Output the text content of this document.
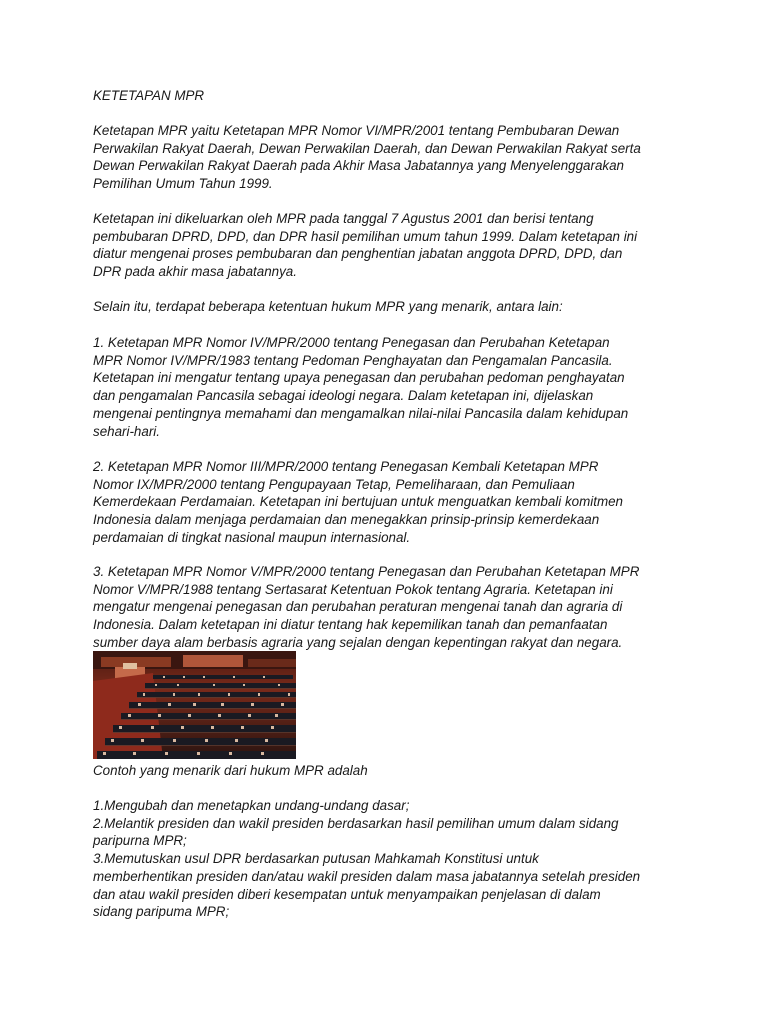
KETETAPAN MPR
Ketetapan MPR yaitu Ketetapan MPR Nomor VI/MPR/2001 tentang Pembubaran Dewan
Perwakilan Rakyat Daerah, Dewan Perwakilan Daerah, dan Dewan Perwakilan Rakyat serta
Dewan Perwakilan Rakyat Daerah pada Akhir Masa Jabatannya yang Menyelenggarakan
Pemilihan Umum Tahun 1999.
Ketetapan ini dikeluarkan oleh MPR pada tanggal 7 Agustus 2001 dan berisi tentang
pembubaran DPRD, DPD, dan DPR hasil pemilihan umum tahun 1999. Dalam ketetapan ini
diatur mengenai proses pembubaran dan penghentian jabatan anggota DPRD, DPD, dan
DPR pada akhir masa jabatannya.
Selain itu, terdapat beberapa ketentuan hukum MPR yang menarik, antara lain:
1. Ketetapan MPR Nomor IV/MPR/2000 tentang Penegasan dan Perubahan Ketetapan
MPR Nomor IV/MPR/1983 tentang Pedoman Penghayatan dan Pengamalan Pancasila.
Ketetapan ini mengatur tentang upaya penegasan dan perubahan pedoman penghayatan
dan pengamalan Pancasila sebagai ideologi negara. Dalam ketetapan ini, dijelaskan
mengenai pentingnya memahami dan mengamalkan nilai-nilai Pancasila dalam kehidupan
sehari-hari.
2. Ketetapan MPR Nomor III/MPR/2000 tentang Penegasan Kembali Ketetapan MPR
Nomor IX/MPR/2000 tentang Pengupayaan Tetap, Pemeliharaan, dan Pemuliaan
Kemerdekaan Perdamaian. Ketetapan ini bertujuan untuk menguatkan kembali komitmen
Indonesia dalam menjaga perdamaian dan menegakkan prinsip-prinsip kemerdekaan
perdamaian di tingkat nasional maupun internasional.
3. Ketetapan MPR Nomor V/MPR/2000 tentang Penegasan dan Perubahan Ketetapan MPR
Nomor V/MPR/1988 tentang Sertasarat Ketentuan Pokok tentang Agraria. Ketetapan ini
mengatur mengenai penegasan dan perubahan peraturan mengenai tanah dan agraria di
Indonesia. Dalam ketetapan ini diatur tentang hak kepemilikan tanah dan pemanfaatan
sumber daya alam berbasis agraria yang sejalan dengan kepentingan rakyat dan negara.
Contoh yang menarik dari hukum MPR adalah
1.Mengubah dan menetapkan undang-undang dasar;
2.Melantik presiden dan wakil presiden berdasarkan hasil pemilihan umum dalam sidang
paripurna MPR;
3.Memutuskan usul DPR berdasarkan putusan Mahkamah Konstitusi untuk
memberhentikan presiden dan/atau wakil presiden dalam masa jabatannya setelah presiden
dan atau wakil presiden diberi kesempatan untuk menyampaikan penjelasan di dalam
sidang paripuma MPR;
